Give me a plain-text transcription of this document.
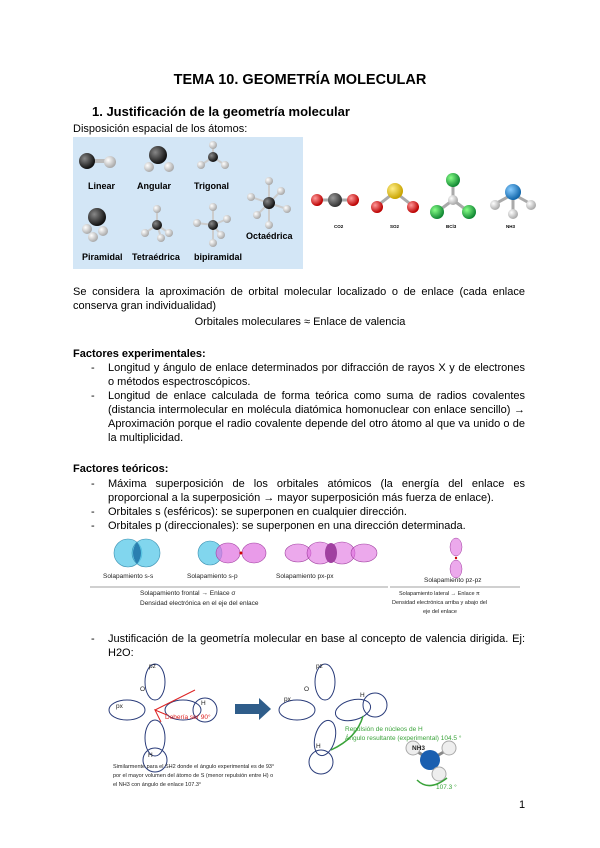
TEMA 10. GEOMETRÍA MOLECULAR
1. Justificación de la geometría molecular
Disposición espacial de los átomos:
Linear Angular	Trigonal
Octaédrica
Piramidal Tetraédrica bipiramidal
CO2	SO2	BCl3	NH3
Se considera la aproximación de orbital molecular localizado o de enlace (cada enlace conserva gran individualidad)
Orbitales moleculares ≈ Enlace de valencia
Factores experimentales:
- Longitud y ángulo de enlace determinados por difracción de rayos X y de electrones o métodos espectroscópicos.
- Longitud de enlace calculada de forma teórica como suma de radios covalentes (distancia intermolecular en molécula diatómica homonuclear con enlace sencillo) → Aproximación porque el radio covalente depende del otro átomo al que va unido o de la multiplicidad.
Factores teóricos:
- Máxima superposición de los orbitales atómicos (la energía del enlace es proporcional a la superposición → mayor superposición más fuerza de enlace).
- Orbitales s (esféricos): se superponen en cualquier dirección.
- Orbitales p (direccionales): se superponen en una dirección determinada.
Solapamiento s-s	Solapamiento s-p	Solapamiento px-px
Solapamiento pz-pz
Solapamiento frontal → Enlace σ
Densidad electrónica en el eje del enlace
Solapamiento lateral → Enlace π
Densidad electrónica arriba y abajo del
eje del enlace
- Justificación de la geometría molecular en base al concepto de valencia dirigida. Ej: H2O:
pz
px
O
H
H
pz
px
O
H
H
Debería ser 90°
Repulsión de núcleos de H
Ángulo resultante (experimental) 104.5 °
Similarmente para el SH2 donde el ángulo experimental es de 93°
por el mayor volumen del átomo de S (menor repulsión entre H) o
el NH3 con ángulo de enlace 107.3°
NH3
107.3 °
1
